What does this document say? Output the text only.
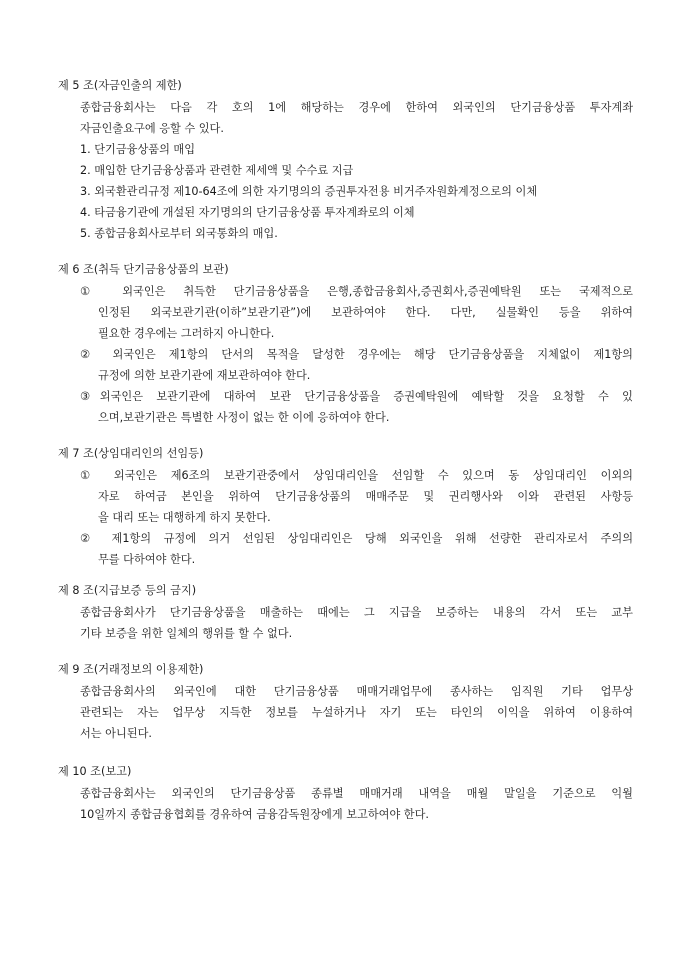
제 5 조(자금인출의 제한)
종합금융회사는 다음 각 호의 1에 해당하는 경우에 한하여 외국인의 단기금융상품 투자계좌
자금인출요구에 응할 수 있다.
1. 단기금융상품의 매입
2. 매입한 단기금융상품과 관련한 제세액 및 수수료 지급
3. 외국환관리규정 제10-64조에 의한 자기명의의 증권투자전용 비거주자원화계정으로의 이체
4. 타금융기관에 개설된 자기명의의 단기금융상품 투자계좌로의 이체
5. 종합금융회사로부터 외국통화의 매입.
제 6 조(취득 단기금융상품의 보관)
① 외국인은 취득한 단기금융상품을 은행,종합금융회사,증권회사,증권예탁원 또는 국제적으로
인정된 외국보관기관(이하”보관기관”)에 보관하여야 한다. 다만, 실물확인 등을 위하여
필요한 경우에는 그러하지 아니한다.
② 외국인은 제1항의 단서의 목적을 달성한 경우에는 해당 단기금융상품을 지체없이 제1항의
규정에 의한 보관기관에 재보관하여야 한다.
③외국인은 보관기관에 대하여 보관 단기금융상품을 증권예탁원에 예탁할 것을 요청할 수 있
으며,보관기관은 특별한 사정이 없는 한 이에 응하여야 한다.
제 7 조(상임대리인의 선임등)
① 외국인은 제6조의 보관기관중에서 상임대리인을 선임할 수 있으며 동 상임대리인 이외의
자로 하여금 본인을 위하여 단기금융상품의 매매주문 및 권리행사와 이와 관련된 사항등
을 대리 또는 대행하게 하지 못한다.
② 제1항의 규정에 의거 선임된 상임대리인은 당해 외국인을 위해 선량한 관리자로서 주의의
무를 다하여야 한다.
제 8 조(지급보증 등의 금지)
종합금융회사가 단기금융상품을 매출하는 때에는 그 지급을 보증하는 내용의 각서 또는 교부
기타 보증을 위한 일체의 행위를 할 수 없다.
제 9 조(거래정보의 이용제한)
종합금융회사의 외국인에 대한 단기금융상품 매매거래업무에 종사하는 임직원 기타 업무상
관련되는 자는 업무상 지득한 정보를 누설하거나 자기 또는 타인의 이익을 위하여 이용하여
서는 아니된다.
제 10 조(보고)
종합금융회사는 외국인의 단기금융상품 종류별 매매거래 내역을 매월 말일을 기준으로 익월
10일까지 종합금융협회를 경유하여 금융감독원장에게 보고하여야 한다.
